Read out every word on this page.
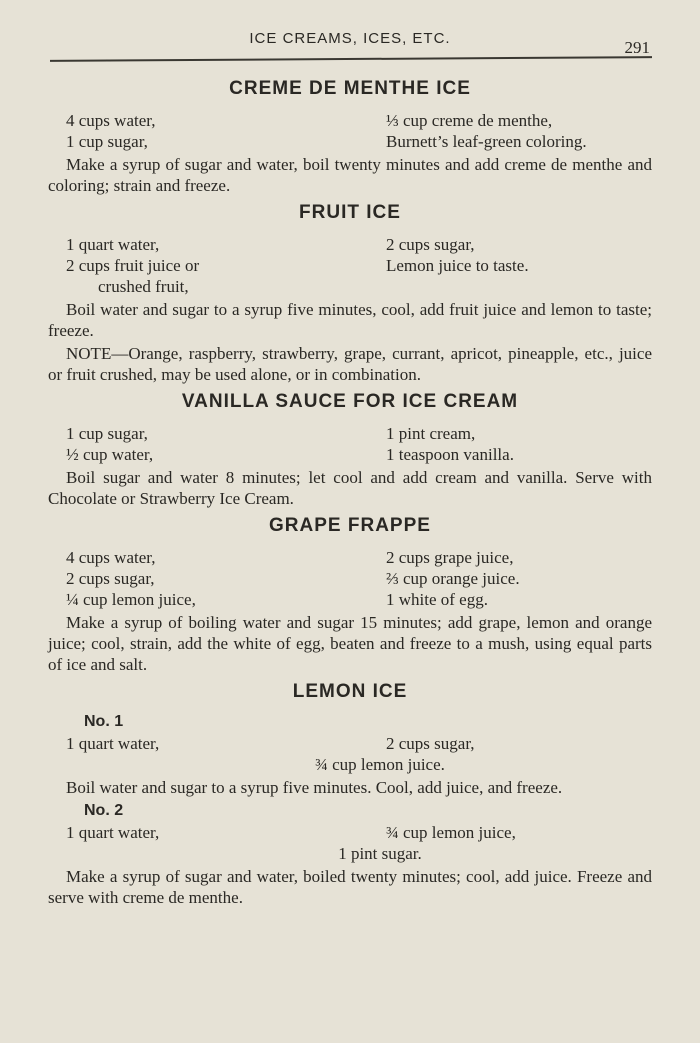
ICE CREAMS, ICES, ETC.	291
CREME DE MENTHE ICE
4 cups water,	⅓ cup creme de menthe,
1 cup sugar,	Burnett’s leaf-green coloring.

Make a syrup of sugar and water, boil twenty minutes and add creme de menthe and coloring; strain and freeze.

FRUIT ICE
1 quart water,	2 cups sugar,
2 cups fruit juice or	Lemon juice to taste.
crushed fruit,

Boil water and sugar to a syrup five minutes, cool, add fruit juice and lemon to taste; freeze.

NOTE—Orange, raspberry, strawberry, grape, currant, apricot, pineapple, etc., juice or fruit crushed, may be used alone, or in combination.

VANILLA SAUCE FOR ICE CREAM
1 cup sugar,	1 pint cream,
½ cup water,	1 teaspoon vanilla.

Boil sugar and water 8 minutes; let cool and add cream and vanilla. Serve with Chocolate or Strawberry Ice Cream.

GRAPE FRAPPE
4 cups water,	2 cups grape juice,
2 cups sugar,	⅔ cup orange juice.
¼ cup lemon juice,	1 white of egg.

Make a syrup of boiling water and sugar 15 minutes; add grape, lemon and orange juice; cool, strain, add the white of egg, beaten and freeze to a mush, using equal parts of ice and salt.

LEMON ICE
No. 1
1 quart water,	2 cups sugar,
¾ cup lemon juice.

Boil water and sugar to a syrup five minutes. Cool, add juice, and freeze.

No. 2
1 quart water,	¾ cup lemon juice,
1 pint sugar.

Make a syrup of sugar and water, boiled twenty minutes; cool, add juice. Freeze and serve with creme de menthe.
